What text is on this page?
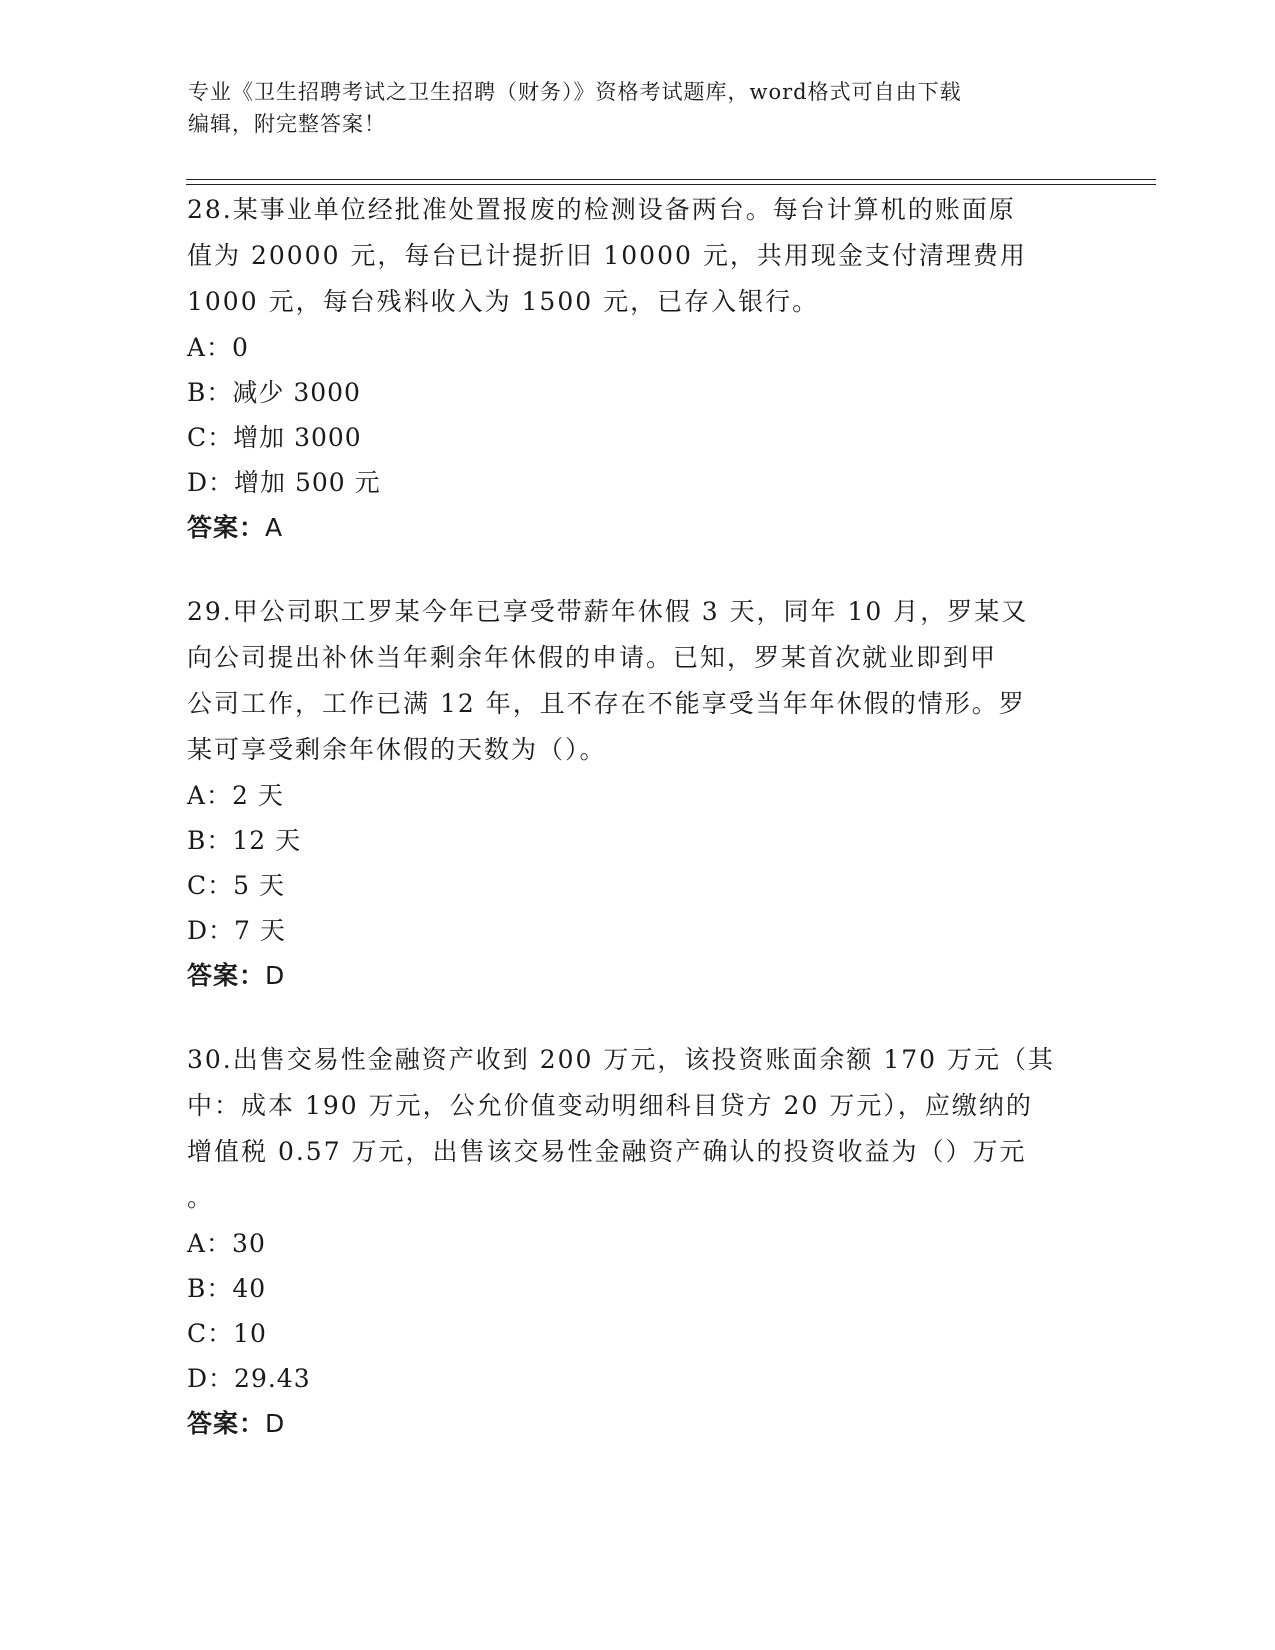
专业《卫生招聘考试之卫生招聘（财务）》资格考试题库，word格式可自由下载
编辑，附完整答案！
28.某事业单位经批准处置报废的检测设备两台。每台计算机的账面原
值为 20000 元，每台已计提折旧 10000 元，共用现金支付清理费用
1000 元，每台残料收入为 1500 元，已存入银行。
A：0
B：减少 3000
C：增加 3000
D：增加 500 元
答案：A
29.甲公司职工罗某今年已享受带薪年休假 3 天，同年 10 月，罗某又
向公司提出补休当年剩余年休假的申请。已知，罗某首次就业即到甲
公司工作，工作已满 12 年，且不存在不能享受当年年休假的情形。罗
某可享受剩余年休假的天数为（）。
A：2 天
B：12 天
C：5 天
D：7 天
答案：D
30.出售交易性金融资产收到 200 万元，该投资账面余额 170 万元（其
中：成本 190 万元，公允价值变动明细科目贷方 20 万元），应缴纳的
增值税 0.57 万元，出售该交易性金融资产确认的投资收益为（）万元
。
A：30
B：40
C：10
D：29.43
答案：D
